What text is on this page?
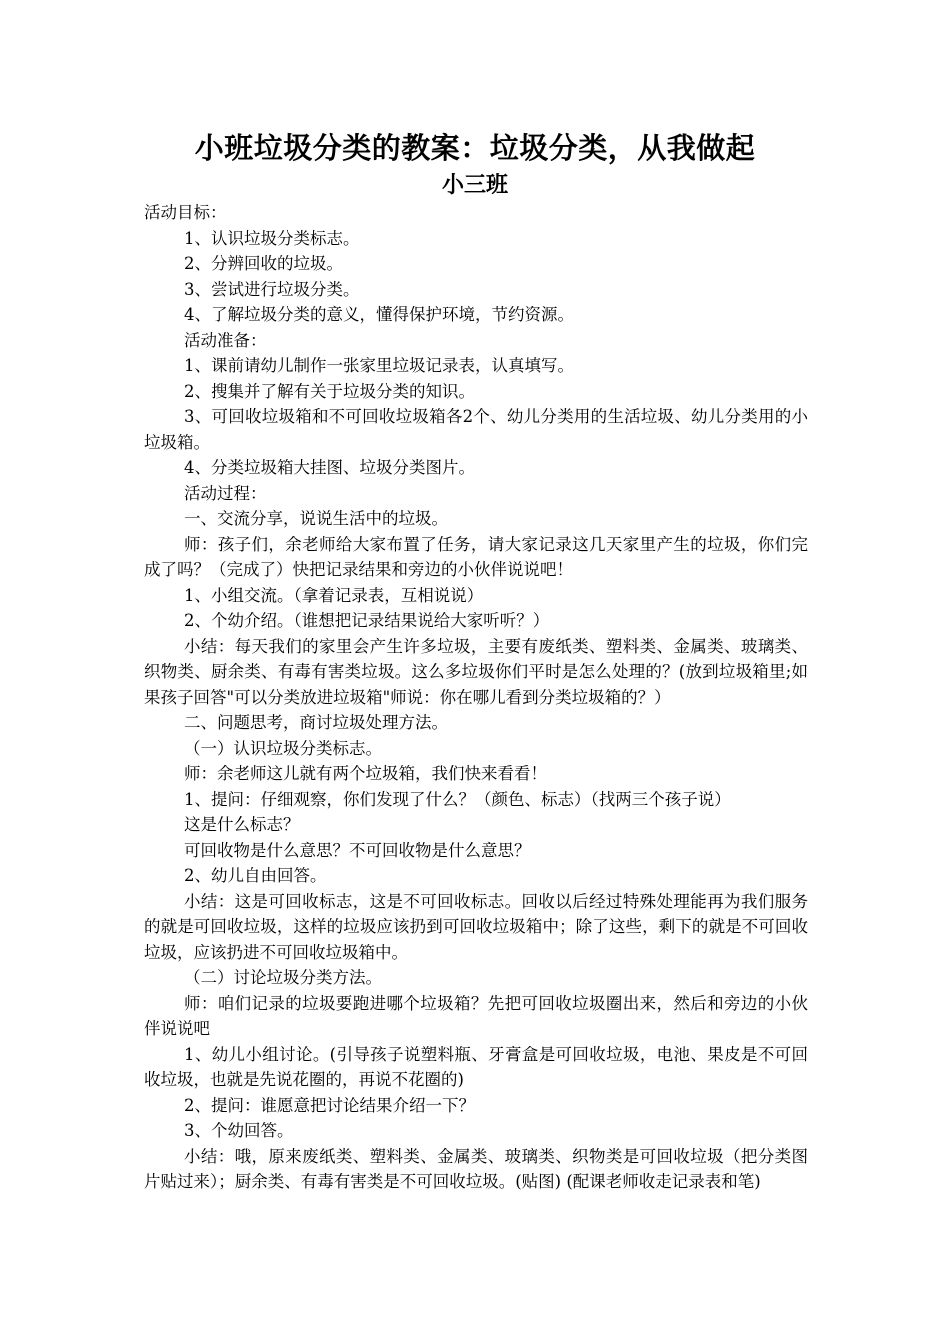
小班垃圾分类的教案：垃圾分类，从我做起
小三班

活动目标：

1、认识垃圾分类标志。

2、分辨回收的垃圾。

3、尝试进行垃圾分类。

4、了解垃圾分类的意义，懂得保护环境，节约资源。

活动准备：

1、课前请幼儿制作一张家里垃圾记录表，认真填写。

2、搜集并了解有关于垃圾分类的知识。

3、可回收垃圾箱和不可回收垃圾箱各2个、幼儿分类用的生活垃圾、幼儿分类用的小垃圾箱。

4、分类垃圾箱大挂图、垃圾分类图片。

活动过程：

一、交流分享，说说生活中的垃圾。

师：孩子们，余老师给大家布置了任务，请大家记录这几天家里产生的垃圾，你们完成了吗？（完成了）快把记录结果和旁边的小伙伴说说吧！

1、小组交流。（拿着记录表，互相说说）

2、个幼介绍。（谁想把记录结果说给大家听听？）

小结：每天我们的家里会产生许多垃圾，主要有废纸类、塑料类、金属类、玻璃类、织物类、厨余类、有毒有害类垃圾。这么多垃圾你们平时是怎么处理的？(放到垃圾箱里;如果孩子回答"可以分类放进垃圾箱"师说：你在哪儿看到分类垃圾箱的？）

二、问题思考，商讨垃圾处理方法。

（一）认识垃圾分类标志。

师：余老师这儿就有两个垃圾箱，我们快来看看！

1、提问：仔细观察，你们发现了什么？（颜色、标志）（找两三个孩子说）

这是什么标志？

可回收物是什么意思？不可回收物是什么意思？

2、幼儿自由回答。

小结：这是可回收标志，这是不可回收标志。回收以后经过特殊处理能再为我们服务的就是可回收垃圾，这样的垃圾应该扔到可回收垃圾箱中；除了这些，剩下的就是不可回收垃圾，应该扔进不可回收垃圾箱中。

（二）讨论垃圾分类方法。

师：咱们记录的垃圾要跑进哪个垃圾箱？先把可回收垃圾圈出来，然后和旁边的小伙伴说说吧

1、幼儿小组讨论。(引导孩子说塑料瓶、牙膏盒是可回收垃圾，电池、果皮是不可回收垃圾，也就是先说花圈的，再说不花圈的)

2、提问：谁愿意把讨论结果介绍一下？

3、个幼回答。

小结：哦，原来废纸类、塑料类、金属类、玻璃类、织物类是可回收垃圾（把分类图片贴过来）；厨余类、有毒有害类是不可回收垃圾。(贴图) (配课老师收走记录表和笔)
